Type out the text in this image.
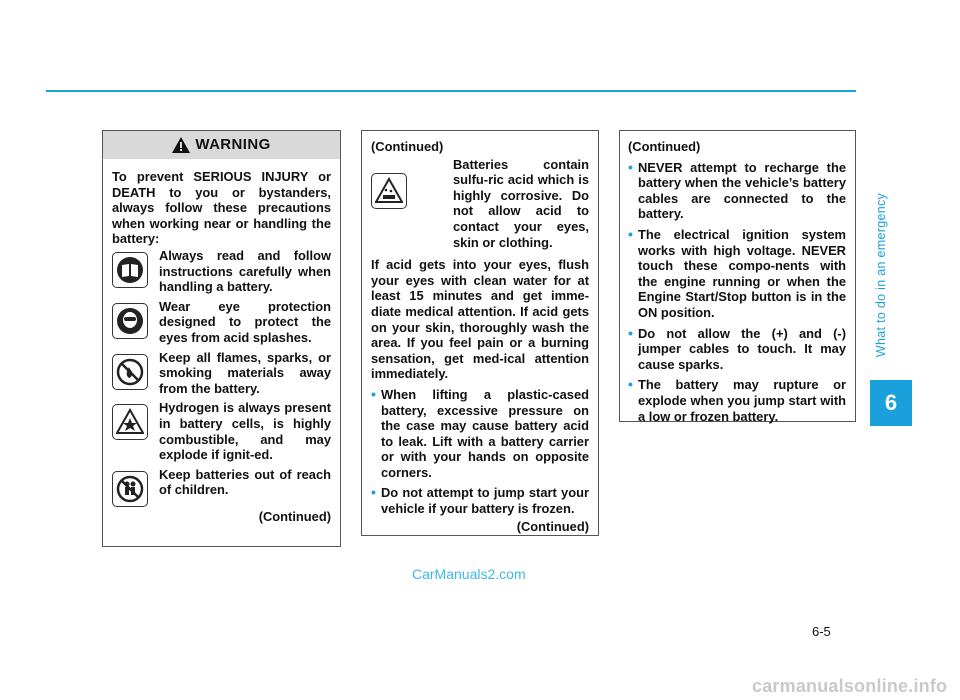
What to do in an emergency
6
WARNING
To prevent SERIOUS INJURY or DEATH to you or bystanders, always follow these precautions when working near or handling the battery:
Always read and follow instructions carefully when handling a battery.
Wear eye protection designed to protect the eyes from acid splashes.
Keep all flames, sparks, or smoking materials away from the battery.
Hydrogen is always present in battery cells, is highly combustible, and may explode if ignit-ed.
Keep batteries out of reach of children.
(Continued)
(Continued)
Batteries contain sulfu-ric acid which is highly corrosive. Do not allow acid to contact your eyes, skin or clothing.
If acid gets into your eyes, flush your eyes with clean water for at least 15 minutes and get imme-diate medical attention. If acid gets on your skin, thoroughly wash the area. If you feel pain or a burning sensation, get med-ical attention immediately.
• When lifting a plastic-cased battery, excessive pressure on the case may cause battery acid to leak. Lift with a battery carrier or with your hands on opposite corners.
• Do not attempt to jump start your vehicle if your battery is frozen.
(Continued)
(Continued)
• NEVER attempt to recharge the battery when the vehicle’s battery cables are connected to the battery.
• The electrical ignition system works with high voltage. NEVER touch these compo-nents with the engine running or when the Engine Start/Stop button is in the ON position.
• Do not allow the (+) and (-) jumper cables to touch. It may cause sparks.
• The battery may rupture or explode when you jump start with a low or frozen battery.
6-5
CarManuals2.com
carmanualsonline.info
